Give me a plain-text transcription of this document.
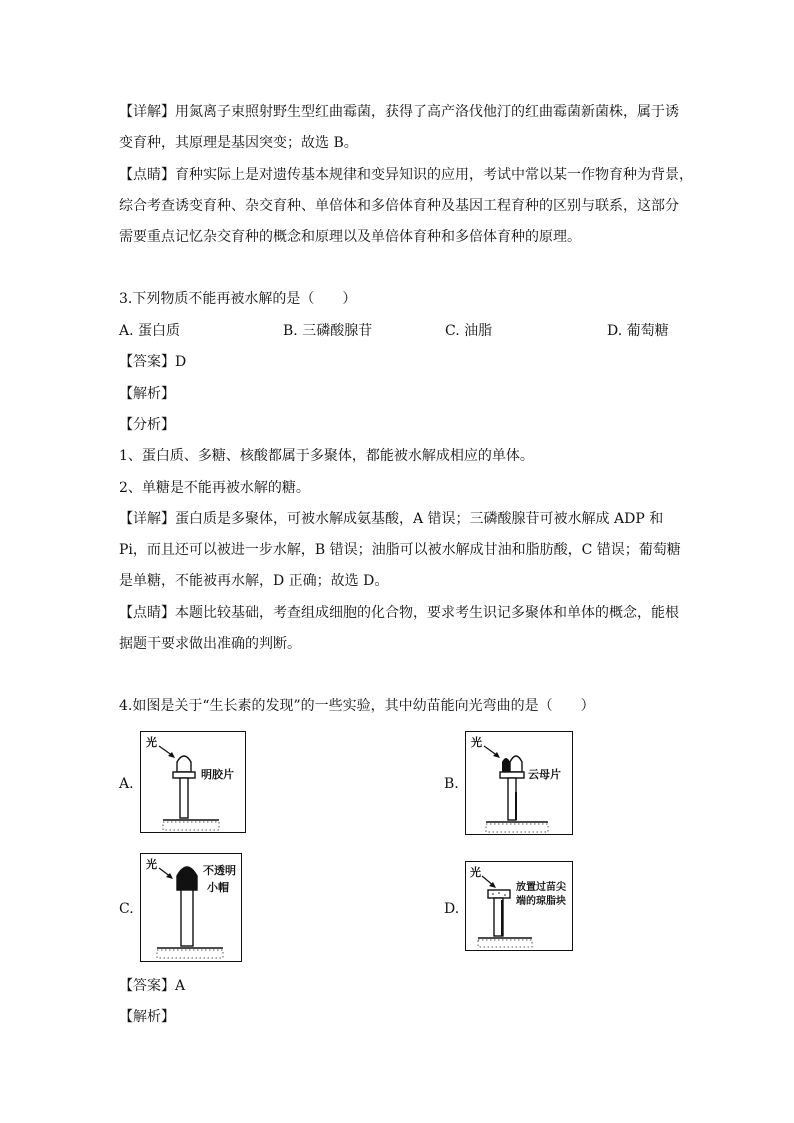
【详解】用氮离子束照射野生型红曲霉菌，获得了高产洛伐他汀的红曲霉菌新菌株，属于诱
变育种，其原理是基因突变；故选 B。
【点睛】育种实际上是对遗传基本规律和变异知识的应用，考试中常以某一作物育种为背景，
综合考查诱变育种、杂交育种、单倍体和多倍体育种及基因工程育种的区别与联系，这部分
需要重点记忆杂交育种的概念和原理以及单倍体育种和多倍体育种的原理。
3.下列物质不能再被水解的是（　　）
A. 蛋白质	B. 三磷酸腺苷	C. 油脂	D. 葡萄糖
【答案】D
【解析】
【分析】
1、蛋白质、多糖、核酸都属于多聚体，都能被水解成相应的单体。
2、单糖是不能再被水解的糖。
【详解】蛋白质是多聚体，可被水解成氨基酸，A 错误；三磷酸腺苷可被水解成 ADP 和
Pi，而且还可以被进一步水解，B 错误；油脂可以被水解成甘油和脂肪酸，C 错误；葡萄糖
是单糖，不能被再水解，D 正确；故选 D。
【点睛】本题比较基础，考查组成细胞的化合物，要求考生识记多聚体和单体的概念，能根
据题干要求做出准确的判断。
4.如图是关于“生长素的发现”的一些实验，其中幼苗能向光弯曲的是（　　）
A.
光
明胶片
B.
光
云母片
C.
光	不透明
小帽
D.
光
放置过苗尖
端的琼脂块
【答案】A
【解析】
